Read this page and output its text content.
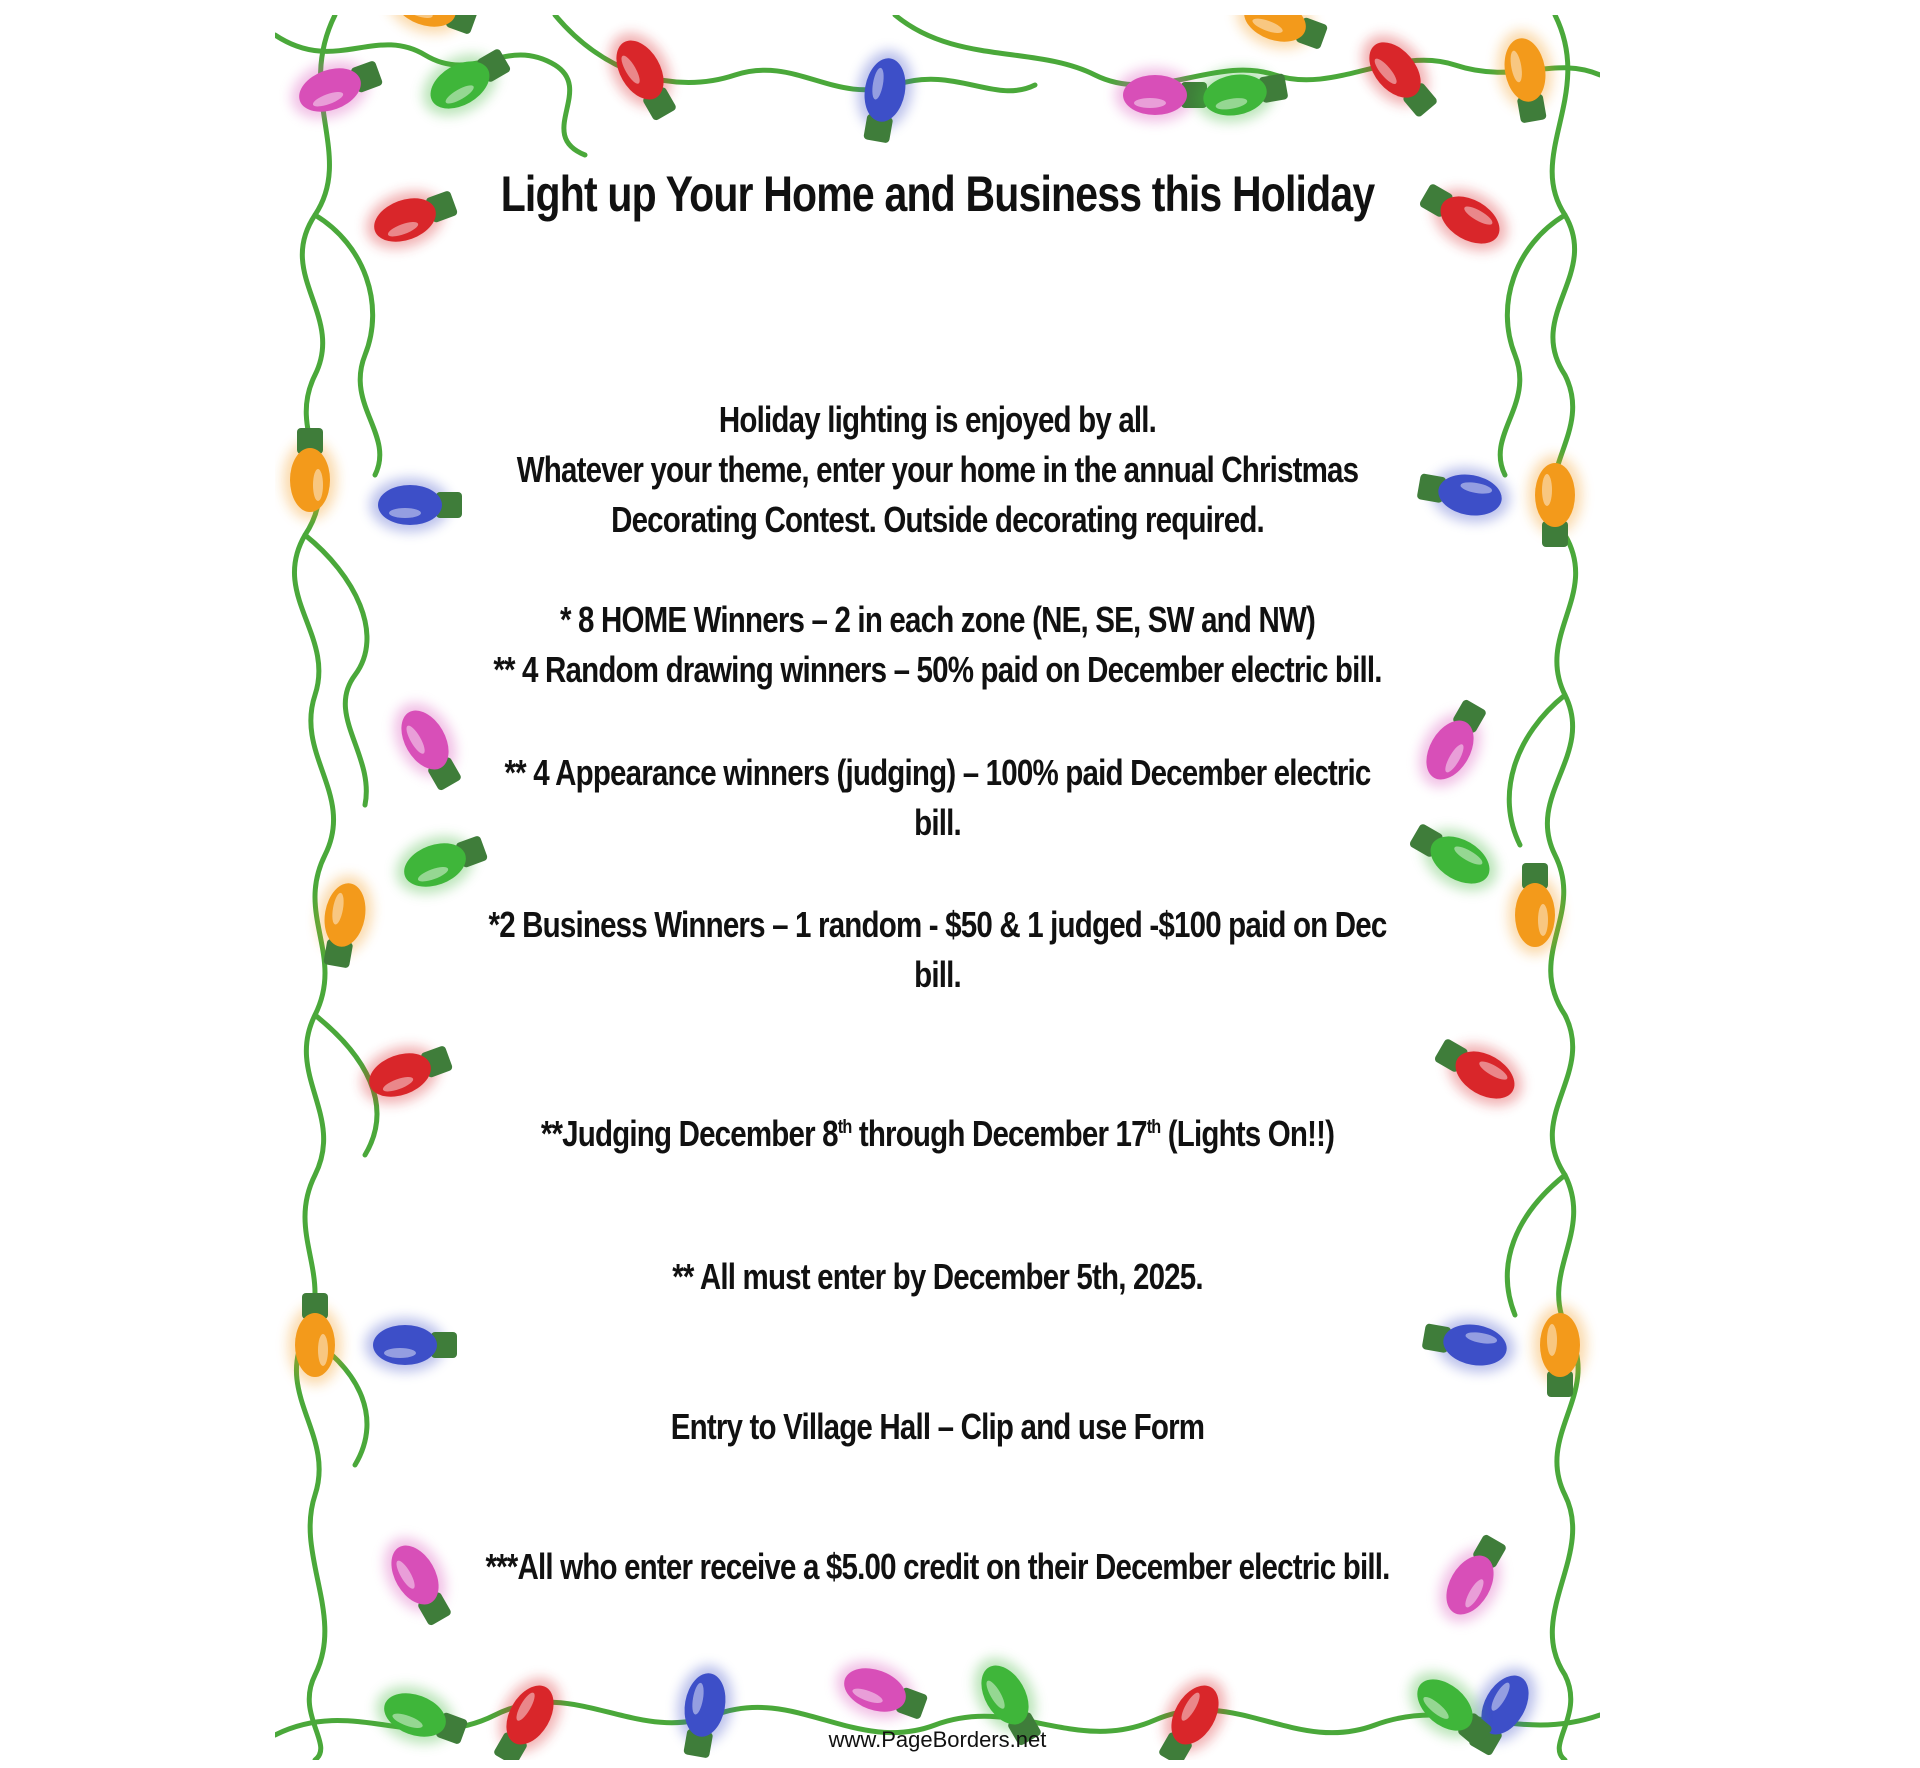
Light up Your Home and Business this Holiday
Holiday lighting is enjoyed by all.
Whatever your theme, enter your home in the annual Christmas
Decorating Contest. Outside decorating required.
* 8 HOME Winners – 2 in each zone (NE, SE, SW and NW)
** 4 Random drawing winners – 50% paid on December electric bill.
** 4 Appearance winners (judging) – 100% paid December electric
bill.
*2 Business Winners – 1 random - $50 & 1 judged -$100 paid on Dec
bill.
**Judging December 8th through December 17th (Lights On!!)
** All must enter by December 5th, 2025.
Entry to Village Hall – Clip and use Form
***All who enter receive a $5.00 credit on their December electric bill.
www.PageBorders.net
